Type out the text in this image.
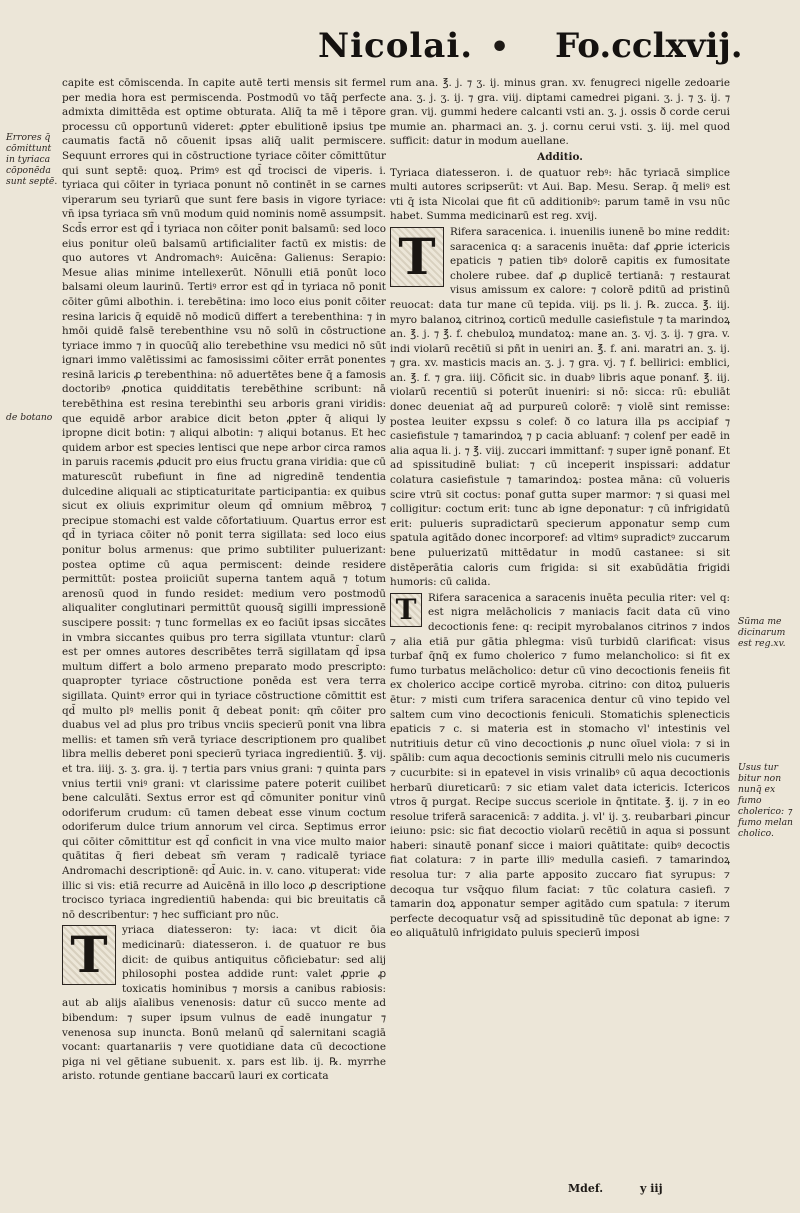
Nicolai. • Fo.cclxvij.
Errores q̄ cōmittunt in tyriaca cōponēda sunt septē.
de botano
Sūma me dicinarum est reg.xv.
Usus tur bitur non nunq̄ ex fumo cholerico: ⁊ fumo melan cholico.

capite est cōmiscenda. In capite autē terti mensis sit fermel per media hora est permiscenda. Postmodū vo tāq̄ perfecte admixta dimittēda est optime obturata. Aliq̄ ta mē i tēpore processu cū opportunū videret: ꝓpter ebulitionē ipsius tpe caumatis factā nō cōuenit ipsas aliq̄ ualit permiscere. Sequunt errores qui in cōstructione tyriace cōiter cōmittūtur qui sunt septē: quoꝝ. Primꝰ est qd̄ trocisci de viperis. i. tyriaca qui cōiter in tyriaca ponunt nō continēt in se carnes viperarum seu tyriarū que sunt fere basis in vigore tyriace: vn̄ ipsa tyriaca sm̄ vnū modum quid nominis nomē assumpsit. Scd̄s error est qd̄ i tyriaca non cōiter ponit balsamū: sed loco eius ponitur oleū balsamū artificialiter factū ex mistis: de quo autores vt Andromachꝰ: Auicēna: Galienus: Serapio: Mesue alias minime intellexerūt. Nōnulli etiā ponūt loco balsami oleum laurinū. Tertiꝰ error est qd̄ in tyriaca nō ponit cōiter gūmi albothin. i. terebētina: imo loco eius ponit cōiter resina laricis q̄ equidē nō modicū differt a terebenthina: ⁊ in hmōi quidē falsē terebenthine vsu nō solū in cōstructione tyriace immo ⁊ in quocūq̄ alio terebethine vsu medici nō sūt ignari immo valētissimi ac famosissimi cōiter errāt ponentes resinā laricis ꝓ terebenthina: nō aduertētes bene q̄ a famosis doctoribꝰ ꝓnotica quidditatis terebēthine scribunt: nā terebēthina est resina terebinthi seu arboris grani viridis: que equidē arbor arabice dicit beton ꝓpter q̄ aliqui ly ipropne dicit botin: ⁊ aliqui albotin: ⁊ aliqui botanus. Et hec quidem arbor est species lentisci que nepe arbor circa ramos in paruis racemis ꝓducit pro eius fructu grana viridia: que cū maturescūt rubefiunt in fine ad nigredinē tendentia dulcedine aliquali ac stipticaturitate participantia: ex quibus sicut ex oliuis exprimitur oleum qd̄ omnium mēbroꝝ ⁊ precipue stomachi est valde cōfortatiuum. Quartus error est qd̄ in tyriaca cōiter nō ponit terra sigillata: sed loco eius ponitur bolus armenus: que primo subtiliter puluerizant: postea optime cū aqua permiscent: deinde residere permittūt: postea proiiciūt superna tantem aquā ⁊ totum arenosū quod in fundo residet: medium vero postmodū aliqualiter conglutinari permittūt quousq̄ sigilli impressionē suscipere possit: ⁊ tunc formellas ex eo faciūt ipsas siccātes in vmbra siccantes quibus pro terra sigillata vtuntur: clarū est per omnes autores describētes terrā sigillatam qd̄ ipsa multum differt a bolo armeno preparato modo prescripto: quapropter tyriace cōstructione ponēda est vera terra sigillata. Quintꝰ error qui in tyriace cōstructione cōmittit est qd̄ multo plꝰ mellis ponit q̄ debeat ponit: qm̄ cōiter pro duabus vel ad plus pro tribus vnciis specierū ponit vna libra mellis: et tamen sm̄ verā tyriace descriptionem pro qualibet libra mellis deberet poni specierū tyriaca ingredientiū. ℥. vij. et tra. iiij. ʒ. ʒ. gra. ij. ⁊ tertia pars vnius grani: ⁊ quinta pars vnius tertii vniꝰ grani: vt clarissime patere poterit cuilibet bene calculāti. Sextus error est qd̄ cōmuniter ponitur vinū odoriferum crudum: cū tamen debeat esse vinum coctum odoriferum dulce trium annorum vel circa. Septimus error qui cōiter cōmittitur est qd̄ conficit in vna vice multo maior quātitas q̄ fieri debeat sm̄ veram ⁊ radicalē tyriace Andromachi descriptionē: qd̄ Auic. in. v. cano. vituperat: vide illic si vis: etiā recurre ad Auicēnā in illo loco ꝓ descriptione trocisco tyriaca ingredientiū habenda: qui bic breuitatis cā nō describentur: ⁊ hec sufficiant pro nūc.

T	yriaca diatesseron: ty: iaca: vt dicit ōia medicinarū: diatesseron. i. de quatuor re bus dicit: de quibus antiquitus cōficiebatur: sed alij philosophi postea addide runt: valet ꝓprie ꝓ toxicatis hominibus ⁊ morsis a canibus rabiosis: aut ab alijs aīalibus venenosis: datur cū succo mente ad bibendum: ⁊ super ipsum vulnus de eadē inungatur ⁊ venenosa sup inuncta. Bonū melanū qd̄ salernitani scagiā vocant: quartanariis ⁊ vere quotidiane data cū decoctione piga ni vel gētiane subuenit. x. pars est lib. ij. ℞. myrrhe aristo. rotunde gentiane baccarū lauri ex corticata

rum ana. ℥. j. ⁊ ʒ. ij. minus gran. xv. fenugreci nigelle zedoarie ana. ʒ. j. ʒ. ij. ⁊ gra. viij. diptami camedrei pigani. ʒ. j. ⁊ ʒ. ij. ⁊ gran. vij. gummi hedere calcanti vsti an. ʒ. j. ossis ð corde cerui mumie an. pharmaci an. ʒ. j. cornu cerui vsti. ʒ. iij. mel quod sufficit: datur in modum auellane.

Additio.

Tyriaca diatesseron. i. de quatuor rebꝰ: hāc tyriacā simplice multi autores scripserūt: vt Aui. Bap. Mesu. Serap. q̄ meliꝰ est vti q̄ ista Nicolai que fit cū additionibꝰ: parum tamē in vsu nūc habet. Summa medicinarū est reg. xvij.

T	Rifera saracenica. i. inuenilis iunenē bo mine reddit: saracenica q: a saracenis inuēta: daf ꝓprie ictericis epaticis ⁊ patien tibꝰ dolorē capitis ex fumositate cholere rubee. daf ꝓ duplicē tertianā: ⁊ restaurat visus amissum ex calore: ⁊ colorē pditū ad pristinū reuocat: data tur mane cū tepida. viij. ps li. j. ℞. zucca. ℥. iij. myro balanoꝝ citrinoꝝ corticū medulle casiefistule ⁊ ta marindoꝝ an. ℥. j. ⁊ ℥. f. chebuloꝝ mundatoꝝ: mane an. ʒ. vj. ʒ. ij. ⁊ gra. v. indi violarū recētiū si pñt in ueniri an. ℥. f. ani. maratri an. ʒ. ij. ⁊ gra. xv. masticis macis an. ʒ. j. ⁊ gra. vj. ⁊ f. bellirici: emblici, an. ℥. f. ⁊ gra. iiij. Cōficit sic. in duabꝰ libris aque ponanf. ℥. iij. violarū recentiū si poterūt inueniri: si nō: sicca: rū: ebuliāt donec deueniat aq̄ ad purpureū colorē: ⁊ violē sint remisse: postea leuiter expssu s colef: ð co latura illa ps accipiaf ⁊ casiefistule ⁊ tamarindoꝝ ⁊ p cacia abluanf: ⁊ colenf per eadē in alia aqua li. j. ⁊ ℥. viij. zuccari immittanf: ⁊ super ignē ponanf. Et ad spissitudinē buliat: ⁊ cū inceperit inspissari: addatur colatura casiefistule ⁊ tamarindoꝝ: postea māna: cū volueris scire vtrū sit coctus: ponaf gutta super marmor: ⁊ si quasi mel colligitur: coctum erit: tunc ab igne deponatur: ⁊ cū infrigidatū erit: pulueris supradictarū specierum apponatur semp cum spatula agitādo donec incorporef: ad vltimꝰ supradictꝰ zuccarum bene puluerizatū mittēdatur in modū castanee: si sit distēperātia caloris cum frigida: si sit exabūdātia frigidi humoris: cū calida.

T	Rifera saracenica a saracenis inuēta peculia riter: vel q: est nigra melācholicis ⁊ maniacis facit data cū vino decoctionis fene: q: recipit myrobalanos citrinos ⁊ indos ⁊ alia etiā pur gātia phlegma: visū turbidū clarificat: visus turbaf q̄nq̄ ex fumo cholerico ⁊ fumo melancholico: si fit ex fumo turbatus melācholico: detur cū vino decoctionis feneiis fit ex cholerico accipe corticē myroba. citrino: con ditoꝝ pulueris ētur: ⁊ misti cum trifera saracenica dentur cū vino tepido vel saltem cum vino decoctionis feniculi. Stomatichis splenecticis epaticis ⁊ c. si materia est in stomacho vl' intestinis vel nutritiuis detur cū vino decoctionis ꝓ nunc oīuel viola: ⁊ si in spālib: cum aqua decoctionis seminis citrulli melo nis cucumeris ⁊ cucurbite: si in epatevel in visis vrinalibꝰ cū aqua decoctionis herbarū diureticarū: ⁊ sic etiam valet data ictericis. Ictericos vtros q̄ purgat. Recipe succus sceriole in q̄ntitate. ℥. ij. ⁊ in eo resolue triferā saracenicā: ⁊ addita. j. vl' ij. ʒ. reubarbari ꝓincur ieiuno: psic: sic fiat decoctio violarū recētiū in aqua si possunt haberi: sinautē ponanf sicce i maiori quātitate: quibꝰ decoctis fiat colatura: ⁊ in parte illiꝰ medulla casiefi. ⁊ tamarindoꝝ resolua tur: ⁊ alia parte apposito zuccaro fiat syrupus: ⁊ decoqua tur vsq̄quo filum faciat: ⁊ tūc colatura casiefi. ⁊ tamarin doꝝ apponatur semper agitādo cum spatula: ⁊ iterum perfecte decoquatur vsq̄ ad spissitudinē tūc deponat ab igne: ⁊ eo aliquātulū infrigidato puluis specierū imposi

Mdef.	y iij
